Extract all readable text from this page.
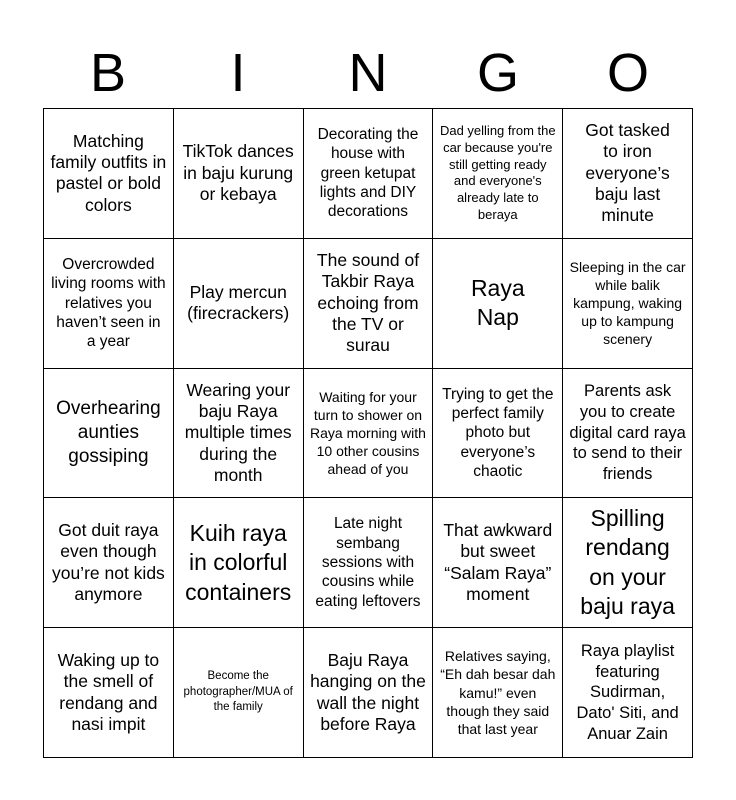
B	I	N	G	O
Matching family outfits in pastel or bold colors
TikTok dances in baju kurung or kebaya
Decorating the house with green ketupat lights and DIY decorations
Dad yelling from the car because you're still getting ready and everyone's already late to beraya
Got tasked to iron everyone’s baju last minute
Overcrowded living rooms with relatives you haven’t seen in a year
Play mercun (firecrackers)
The sound of Takbir Raya echoing from the TV or surau
Raya Nap
Sleeping in the car while balik kampung, waking up to kampung scenery
Overhearing aunties gossiping
Wearing your baju Raya multiple times during the month
Waiting for your turn to shower on Raya morning with 10 other cousins ahead of you
Trying to get the perfect family photo but everyone’s chaotic
Parents ask you to create digital card raya to send to their friends
Got duit raya even though you’re not kids anymore
Kuih raya in colorful containers
Late night sembang sessions with cousins while eating leftovers
That awkward but sweet “Salam Raya” moment
Spilling rendang on your baju raya
Waking up to the smell of rendang and nasi impit
Become the photographer/MUA of the family
Baju Raya hanging on the wall the night before Raya
Relatives saying, “Eh dah besar dah kamu!” even though they said that last year
Raya playlist featuring Sudirman, Dato' Siti, and Anuar Zain
